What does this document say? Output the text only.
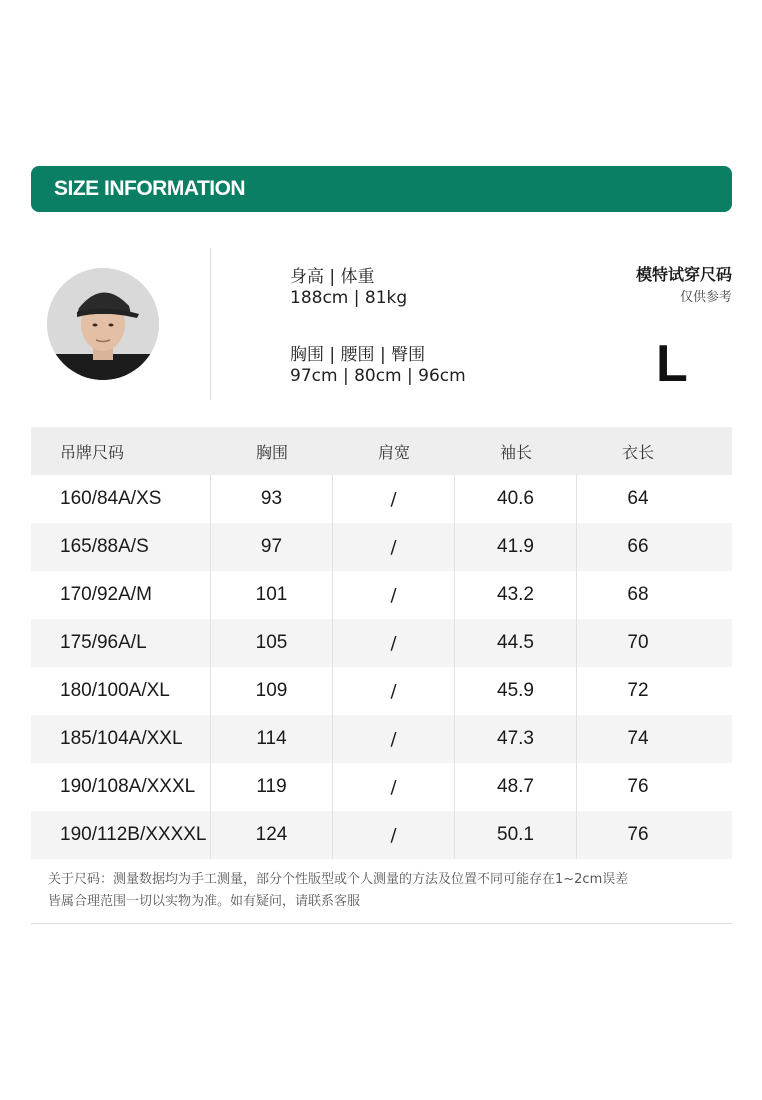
SIZE INFORMATION
身高 | 体重
188cm | 81kg
胸围 | 腰围 | 臀围
97cm | 80cm | 96cm
模特试穿尺码
仅供参考
L
吊牌尺码	胸围	肩宽	袖长	衣长
160/84A/XS	93	/	40.6	64
165/88A/S	97	/	41.9	66
170/92A/M	101	/	43.2	68
175/96A/L	105	/	44.5	70
180/100A/XL	109	/	45.9	72
185/104A/XXL	114	/	47.3	74
190/108A/XXXL	119	/	48.7	76
190/112B/XXXXL	124	/	50.1	76
关于尺码：测量数据均为手工测量，部分个性版型或个人测量的方法及位置不同可能存在1~2cm误差
皆属合理范围一切以实物为准。如有疑问，请联系客服
